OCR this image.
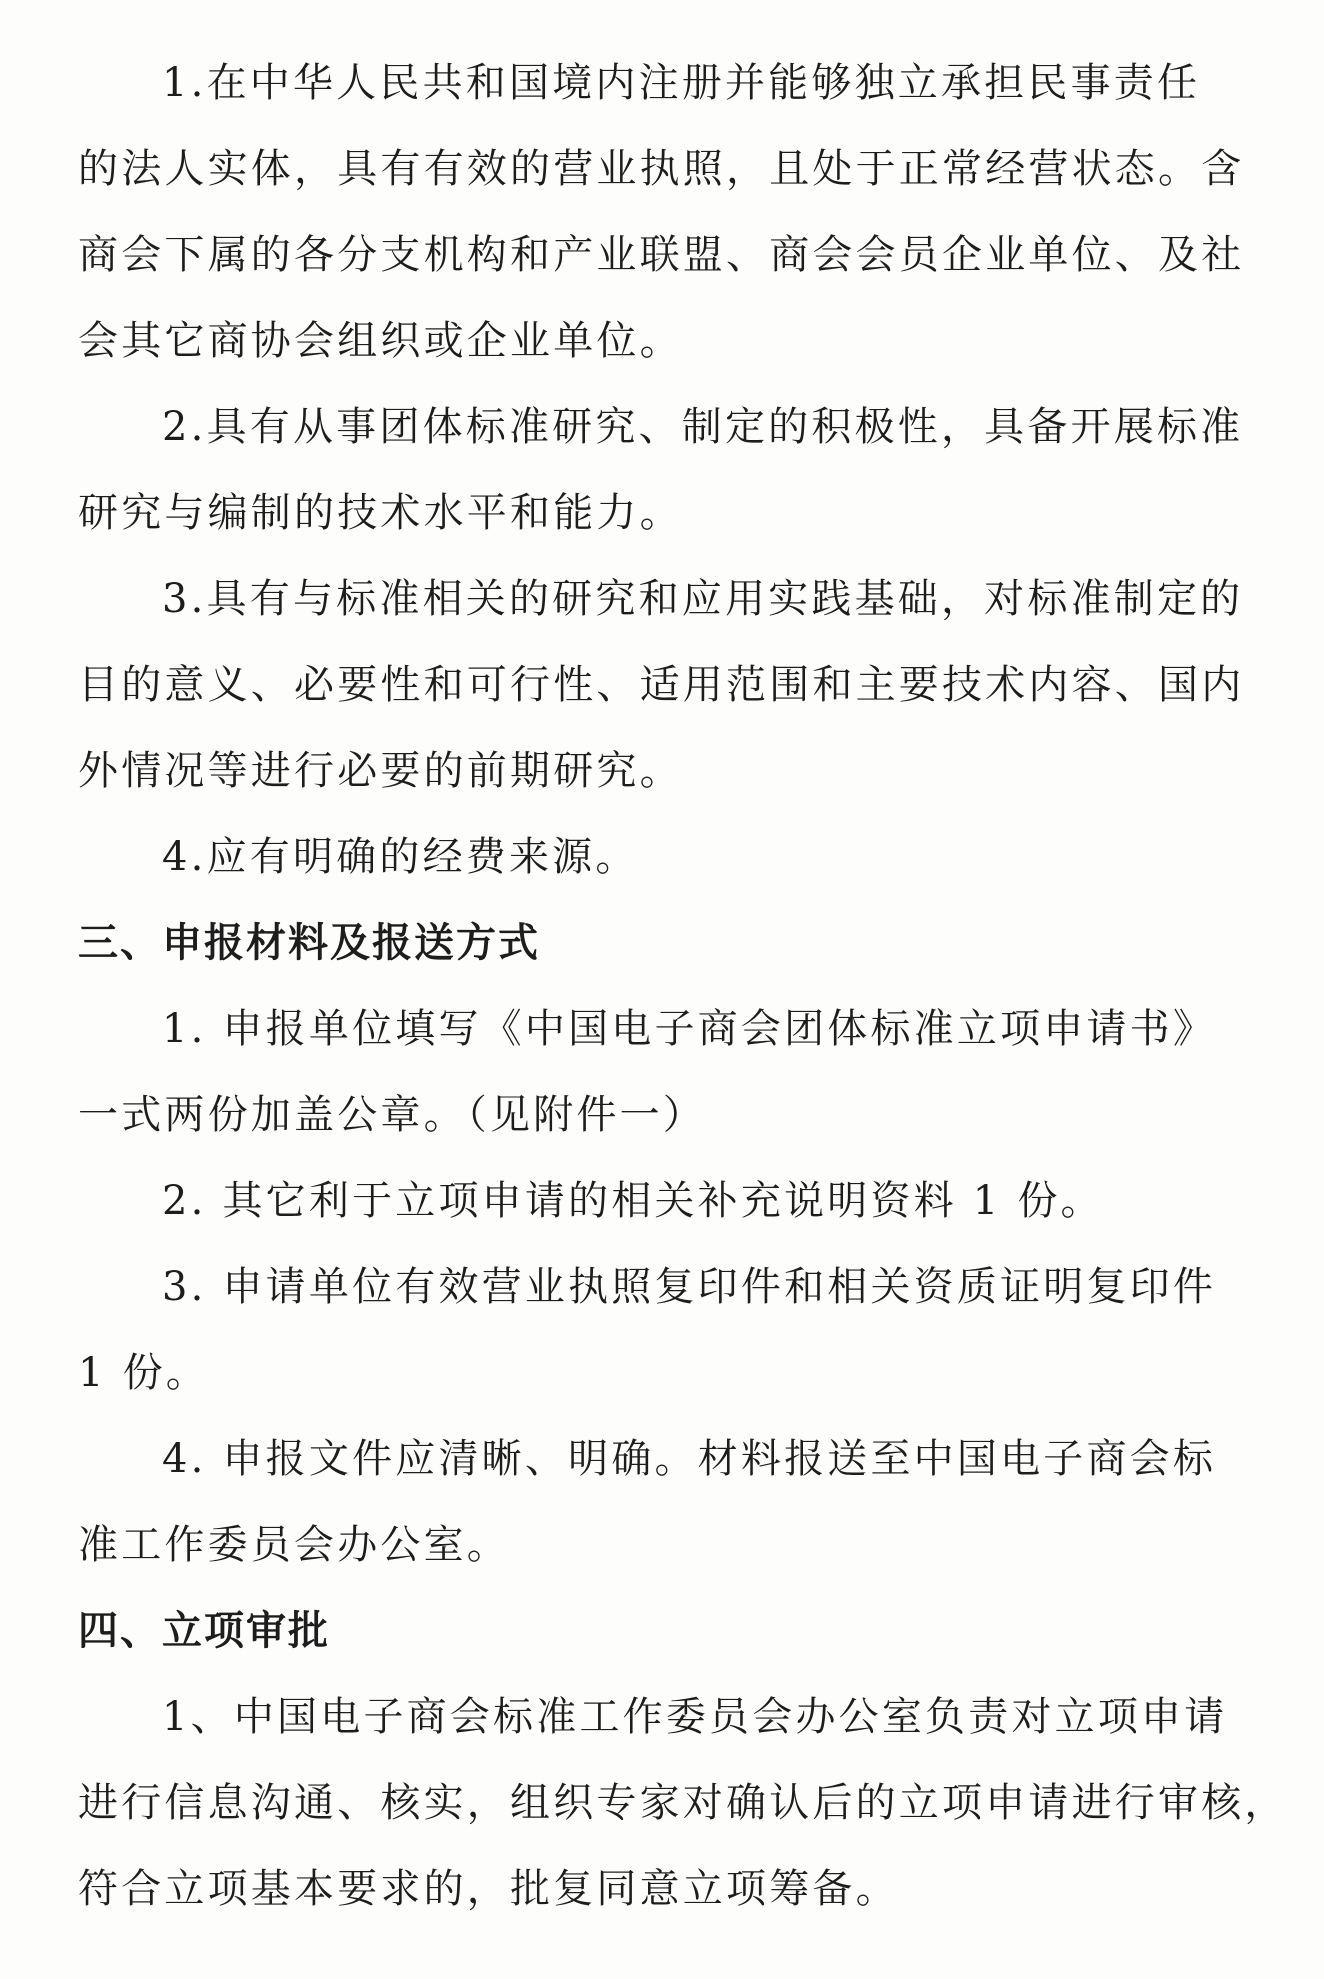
1.在中华人民共和国境内注册并能够独立承担民事责任
的法人实体，具有有效的营业执照，且处于正常经营状态。含
商会下属的各分支机构和产业联盟、商会会员企业单位、及社
会其它商协会组织或企业单位。
2.具有从事团体标准研究、制定的积极性，具备开展标准
研究与编制的技术水平和能力。
3.具有与标准相关的研究和应用实践基础，对标准制定的
目的意义、必要性和可行性、适用范围和主要技术内容、国内
外情况等进行必要的前期研究。
4.应有明确的经费来源。
三、申报材料及报送方式
1. 申报单位填写《中国电子商会团体标准立项申请书》
一式两份加盖公章。（见附件一）
2. 其它利于立项申请的相关补充说明资料 1 份。
3. 申请单位有效营业执照复印件和相关资质证明复印件
1 份。
4. 申报文件应清晰、明确。材料报送至中国电子商会标
准工作委员会办公室。
四、立项审批
1、中国电子商会标准工作委员会办公室负责对立项申请
进行信息沟通、核实，组织专家对确认后的立项申请进行审核，
符合立项基本要求的，批复同意立项筹备。
